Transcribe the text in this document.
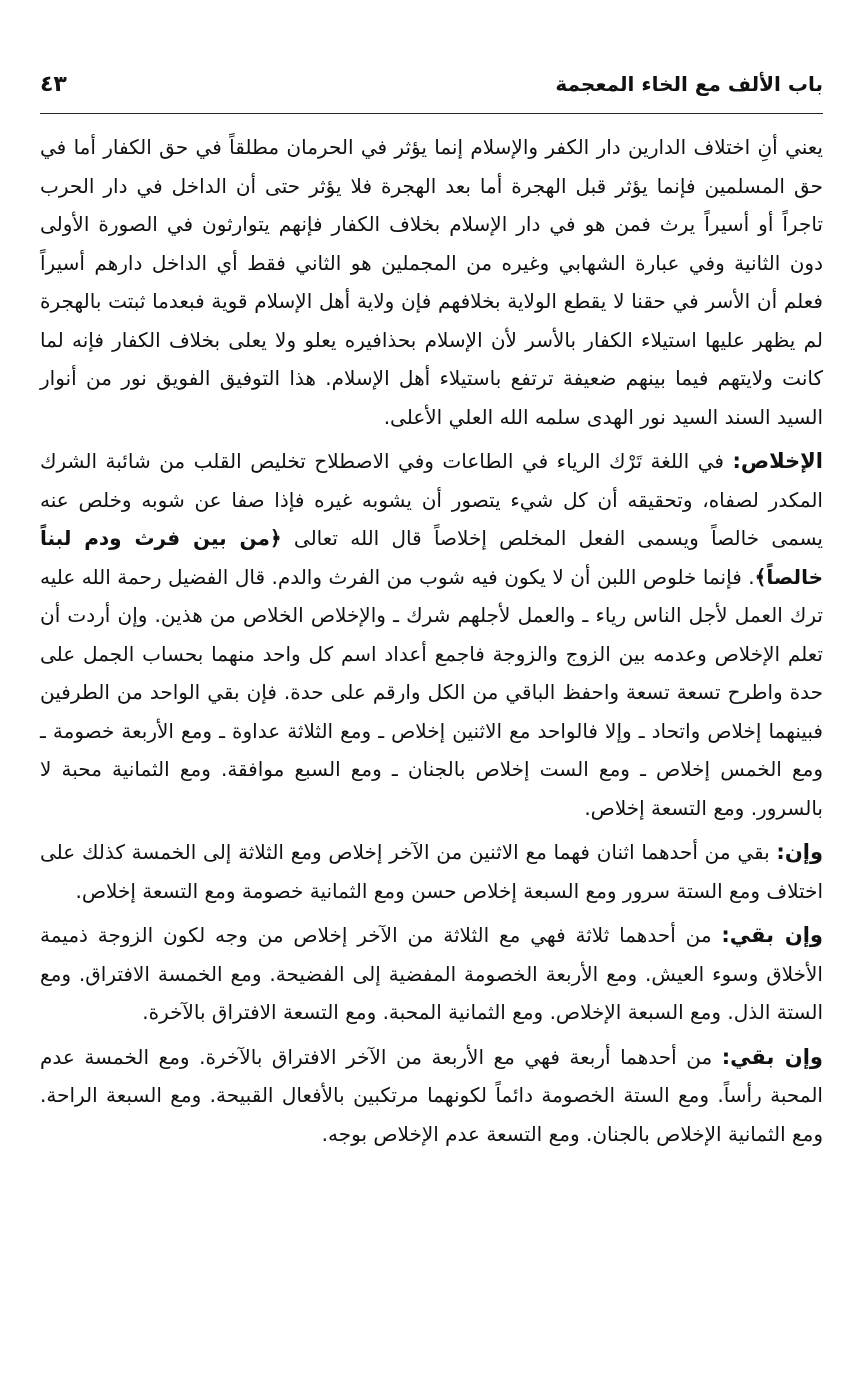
باب الألف مع الخاء المعجمة
٤٣

يعني أنِ اختلاف الدارين دار الكفر والإسلام إنما يؤثر في الحرمان مطلقاً في حق الكفار أما في حق المسلمين فإنما يؤثر قبل الهجرة أما بعد الهجرة فلا يؤثر حتى أن الداخل في دار الحرب تاجراً أو أسيراً يرث فمن هو في دار الإسلام بخلاف الكفار فإنهم يتوارثون في الصورة الأولى دون الثانية وفي عبارة الشهابي وغيره من المجملين هو الثاني فقط أي الداخل دارهم أسيراً فعلم أن الأسر في حقنا لا يقطع الولاية بخلافهم فإن ولاية أهل الإسلام قوية فبعدما ثبتت بالهجرة لم يظهر عليها استيلاء الكفار بالأسر لأن الإسلام بحذافيره يعلو ولا يعلى بخلاف الكفار فإنه لما كانت ولايتهم فيما بينهم ضعيفة ترتفع باستيلاء أهل الإسلام. هذا التوفيق الفويق نور من أنوار السيد السند السيد نور الهدى سلمه الله العلي الأعلى.

الإخلاص: في اللغة تَرْك الرياء في الطاعات وفي الاصطلاح تخليص القلب من شائبة الشرك المكدر لصفاه، وتحقيقه أن كل شيء يتصور أن يشوبه غيره فإذا صفا عن شوبه وخلص عنه يسمى خالصاً ويسمى الفعل المخلص إخلاصاً قال الله تعالى ﴿من بين فرث ودم لبناً خالصاً﴾. فإنما خلوص اللبن أن لا يكون فيه شوب من الفرث والدم. قال الفضيل رحمة الله عليه ترك العمل لأجل الناس رياء ـ والعمل لأجلهم شرك ـ والإخلاص الخلاص من هذين. وإن أردت أن تعلم الإخلاص وعدمه بين الزوج والزوجة فاجمع أعداد اسم كل واحد منهما بحساب الجمل على حدة واطرح تسعة تسعة واحفظ الباقي من الكل وارقم على حدة. فإن بقي الواحد من الطرفين فبينهما إخلاص واتحاد ـ وإلا فالواحد مع الاثنين إخلاص ـ ومع الثلاثة عداوة ـ ومع الأربعة خصومة ـ ومع الخمس إخلاص ـ ومع الست إخلاص بالجنان ـ ومع السبع موافقة. ومع الثمانية محبة لا بالسرور. ومع التسعة إخلاص.

وإن: بقي من أحدهما اثنان فهما مع الاثنين من الآخر إخلاص ومع الثلاثة إلى الخمسة كذلك على اختلاف ومع الستة سرور ومع السبعة إخلاص حسن ومع الثمانية خصومة ومع التسعة إخلاص.

وإن بقي: من أحدهما ثلاثة فهي مع الثلاثة من الآخر إخلاص من وجه لكون الزوجة ذميمة الأخلاق وسوء العيش. ومع الأربعة الخصومة المفضية إلى الفضيحة. ومع الخمسة الافتراق. ومع الستة الذل. ومع السبعة الإخلاص. ومع الثمانية المحبة. ومع التسعة الافتراق بالآخرة.

وإن بقي: من أحدهما أربعة فهي مع الأربعة من الآخر الافتراق بالآخرة. ومع الخمسة عدم المحبة رأساً. ومع الستة الخصومة دائماً لكونهما مرتكبين بالأفعال القبيحة. ومع السبعة الراحة. ومع الثمانية الإخلاص بالجنان. ومع التسعة عدم الإخلاص بوجه.
